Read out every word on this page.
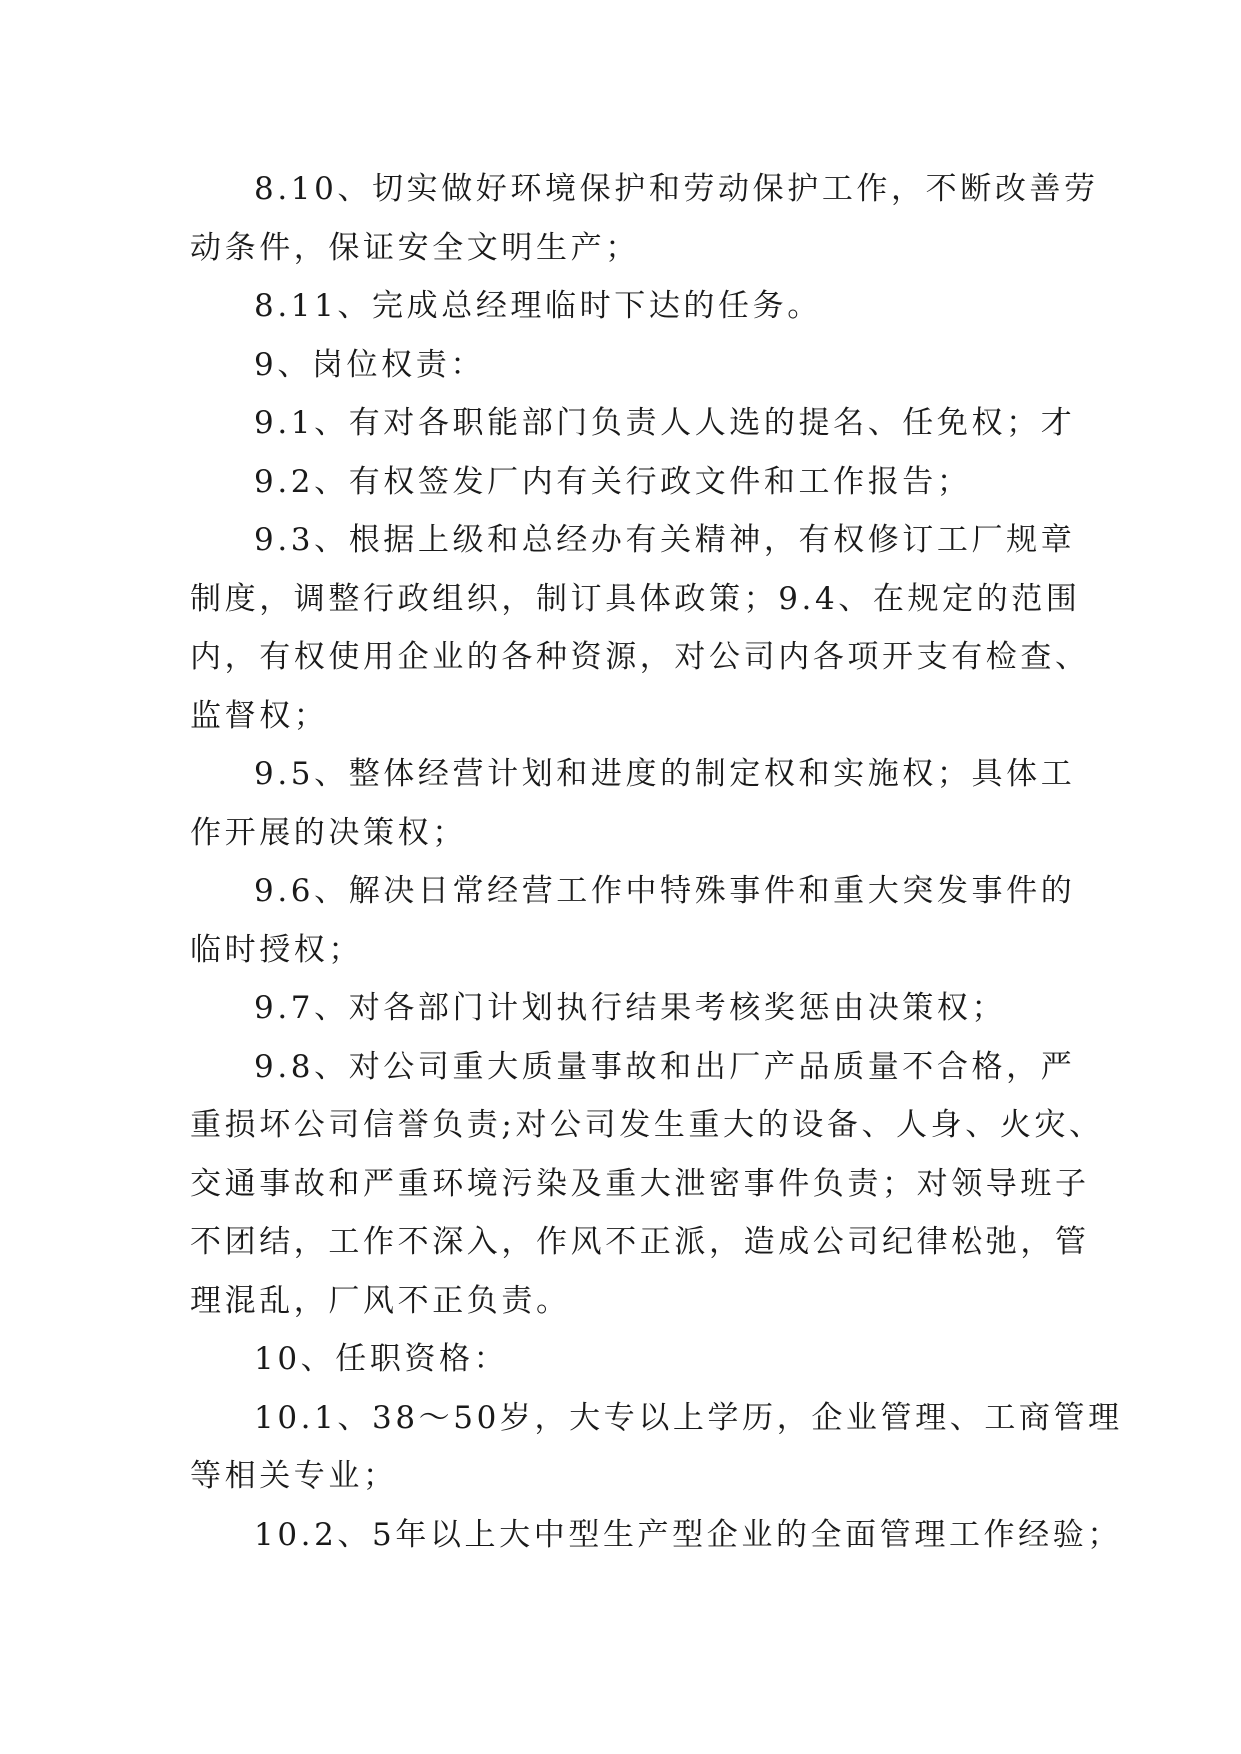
8.10、切实做好环境保护和劳动保护工作，不断改善劳
动条件，保证安全文明生产；
8.11、完成总经理临时下达的任务。
9、岗位权责：
9.1、有对各职能部门负责人人选的提名、任免权；才
9.2、有权签发厂内有关行政文件和工作报告；
9.3、根据上级和总经办有关精神，有权修订工厂规章
制度，调整行政组织，制订具体政策；9.4、在规定的范围
内，有权使用企业的各种资源，对公司内各项开支有检查、
监督权；
9.5、整体经营计划和进度的制定权和实施权；具体工
作开展的决策权；
9.6、解决日常经营工作中特殊事件和重大突发事件的
临时授权；
9.7、对各部门计划执行结果考核奖惩由决策权；
9.8、对公司重大质量事故和出厂产品质量不合格，严
重损坏公司信誉负责;对公司发生重大的设备、人身、火灾、
交通事故和严重环境污染及重大泄密事件负责；对领导班子
不团结，工作不深入，作风不正派，造成公司纪律松弛，管
理混乱，厂风不正负责。
10、任职资格：
10.1、38～50岁，大专以上学历，企业管理、工商管理
等相关专业；
10.2、5年以上大中型生产型企业的全面管理工作经验；
